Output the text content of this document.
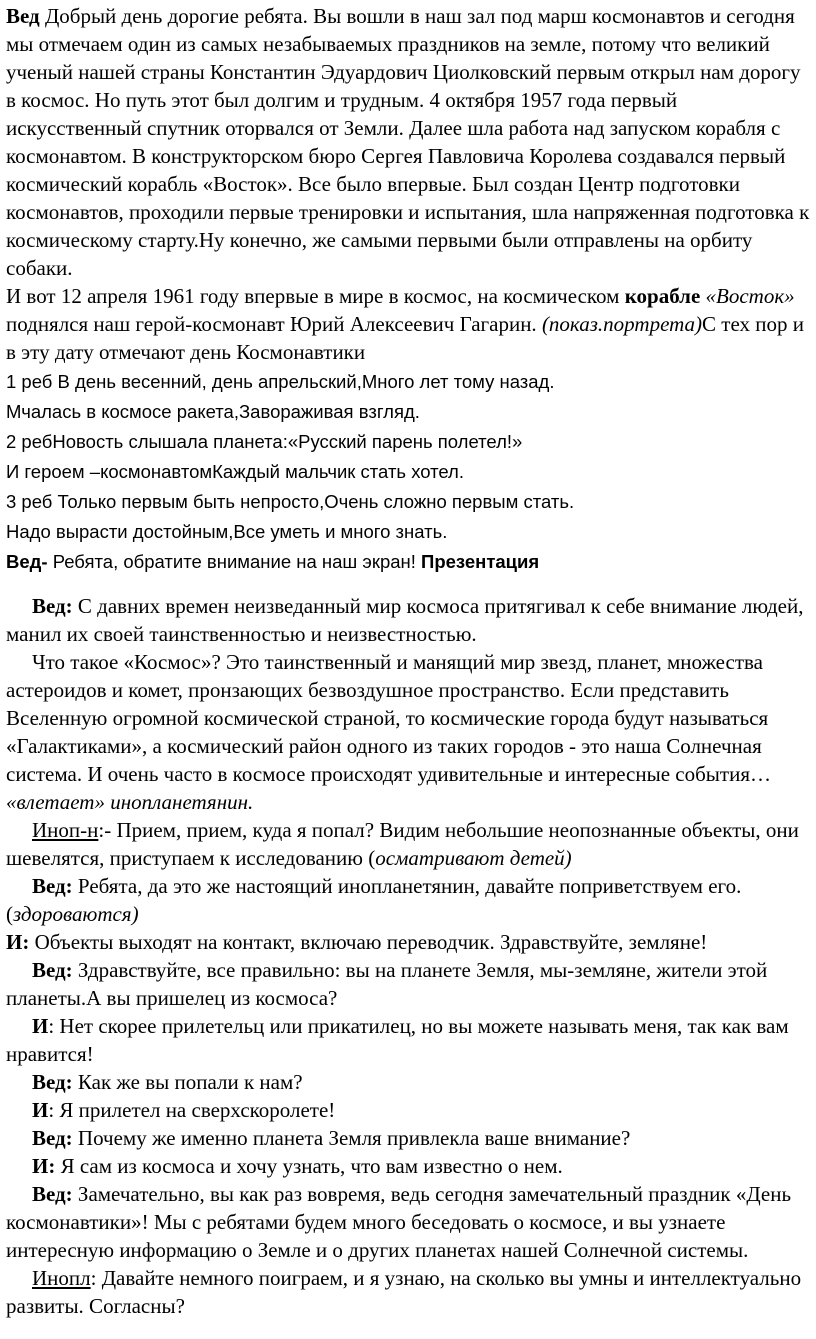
Вед Добрый день дорогие ребята. Вы вошли в наш зал под марш космонавтов и сегодня мы отмечаем один из самых незабываемых праздников на земле, потому что великий ученый нашей страны Константин Эдуардович Циолковский первым открыл нам дорогу в космос. Но путь этот был долгим и трудным. 4 октября 1957 года первый искусственный спутник оторвался от Земли. Далее шла работа над запуском корабля с космонавтом. В конструкторском бюро Сергея Павловича Королева создавался первый космический корабль «Восток». Все было впервые. Был создан Центр подготовки космонавтов, проходили первые тренировки и испытания, шла напряженная подготовка к космическому старту.Ну конечно, же самыми первыми были отправлены на орбиту собаки.

И вот 12 апреля 1961 году впервые в мире в космос, на космическом корабле «Восток» поднялся наш герой-космонавт Юрий Алексеевич Гагарин. (показ.портрета)С тех пор и в эту дату отмечают день Космонавтики

1 реб В день весенний, день апрельский,Много лет тому назад.

Мчалась в космосе ракета,Завораживая взгляд.

2 ребНовость слышала планета:«Русский парень полетел!»

И героем –космонавтомКаждый мальчик стать хотел.

3 реб Только первым быть непросто,Очень сложно первым стать.

Надо вырасти достойным,Все уметь и много знать.

Вед- Ребята, обратите внимание на наш экран! Презентация

Вед: С давних времен неизведанный мир космоса притягивал к себе внимание людей, манил их своей таинственностью и неизвестностью.

Что такое «Космос»? Это таинственный и манящий мир звезд, планет, множества астероидов и комет, пронзающих безвоздушное пространство. Если представить Вселенную огромной космической страной, то космические города будут называться «Галактиками», а космический район одного из таких городов - это наша Солнечная система. И очень часто в космосе происходят удивительные и интересные события… «влетает» инопланетянин.

Иноп-н:- Прием, прием, куда я попал? Видим небольшие неопознанные объекты, они шевелятся, приступаем к исследованию (осматривают детей)

Вед: Ребята, да это же настоящий инопланетянин, давайте поприветствуем его. (здороваются)

И: Объекты выходят на контакт, включаю переводчик. Здравствуйте, земляне!

Вед: Здравствуйте, все правильно: вы на планете Земля, мы-земляне, жители этой планеты.А вы пришелец из космоса?

И: Нет скорее прилетельц или прикатилец, но вы можете называть меня, так как вам нравится!

Вед: Как же вы попали к нам?

И: Я прилетел на сверхскоролете!

Вед: Почему же именно планета Земля привлекла ваше внимание?

И: Я сам из космоса и хочу узнать, что вам известно о нем.

Вед: Замечательно, вы как раз вовремя, ведь сегодня замечательный праздник «День космонавтики»! Мы с ребятами будем много беседовать о космосе, и вы узнаете интересную информацию о Земле и о других планетах нашей Солнечной системы.

Инопл: Давайте немного поиграем, и я узнаю, на сколько вы умны и интеллектуально развиты. Согласны?
